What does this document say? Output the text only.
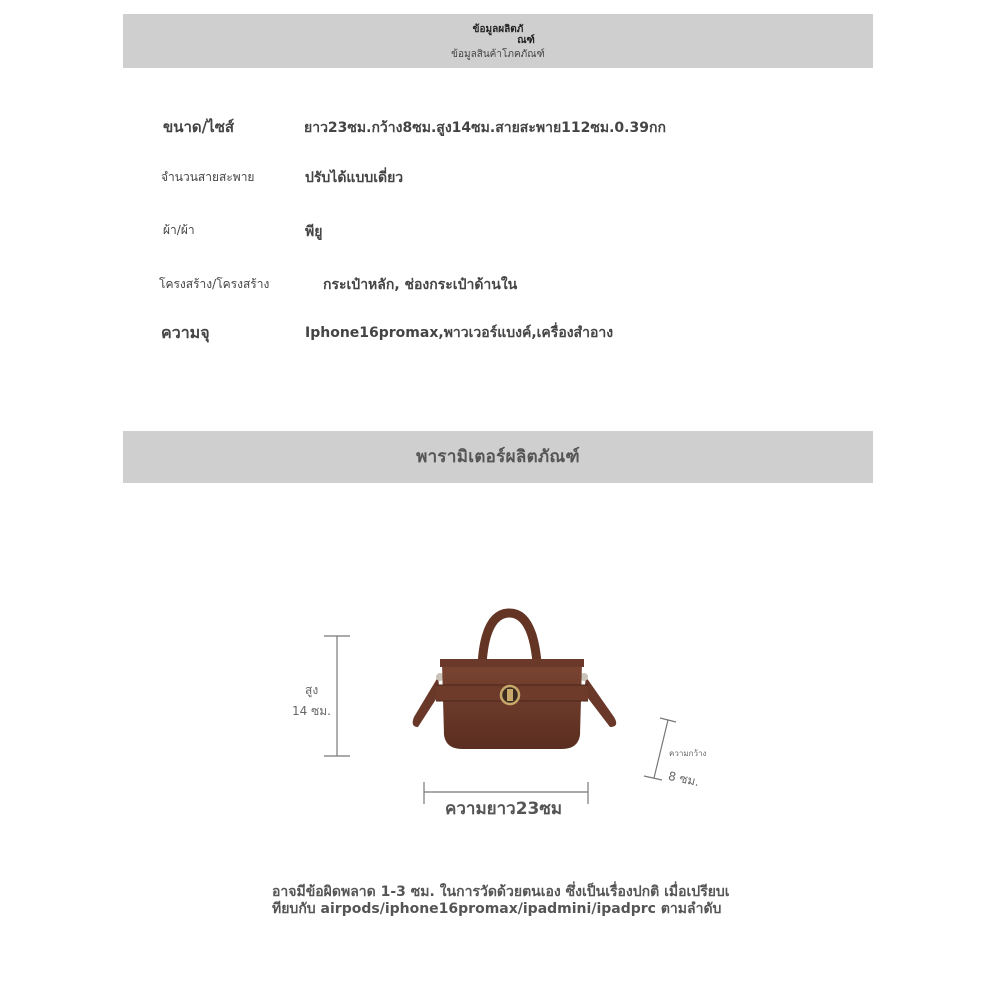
ข้อมูลผลิตภั
ณฑ์
ข้อมูลสินค้าโภคภัณฑ์
ขนาด/ไซส์	ยาว23ซม.กว้าง8ซม.สูง14ซม.สายสะพาย112ซม.0.39กก
จำนวนสายสะพาย	ปรับได้แบบเดี่ยว
ผ้า/ผ้า	พียู
โครงสร้าง/โครงสร้าง	กระเป๋าหลัก, ช่องกระเป๋าด้านใน
ความจุ	Iphone16promax,พาวเวอร์แบงค์,เครื่องสำอาง
พารามิเตอร์ผลิตภัณฑ์
สูง
14 ซม.
ความกว้าง
8 ซม.
ความยาว23ซม
อาจมีข้อผิดพลาด 1-3 ซม. ในการวัดด้วยตนเอง ซึ่งเป็นเรื่องปกติ เมื่อเปรียบเ
ทียบกับ airpods/iphone16promax/ipadmini/ipadprc ตามลำดับ
